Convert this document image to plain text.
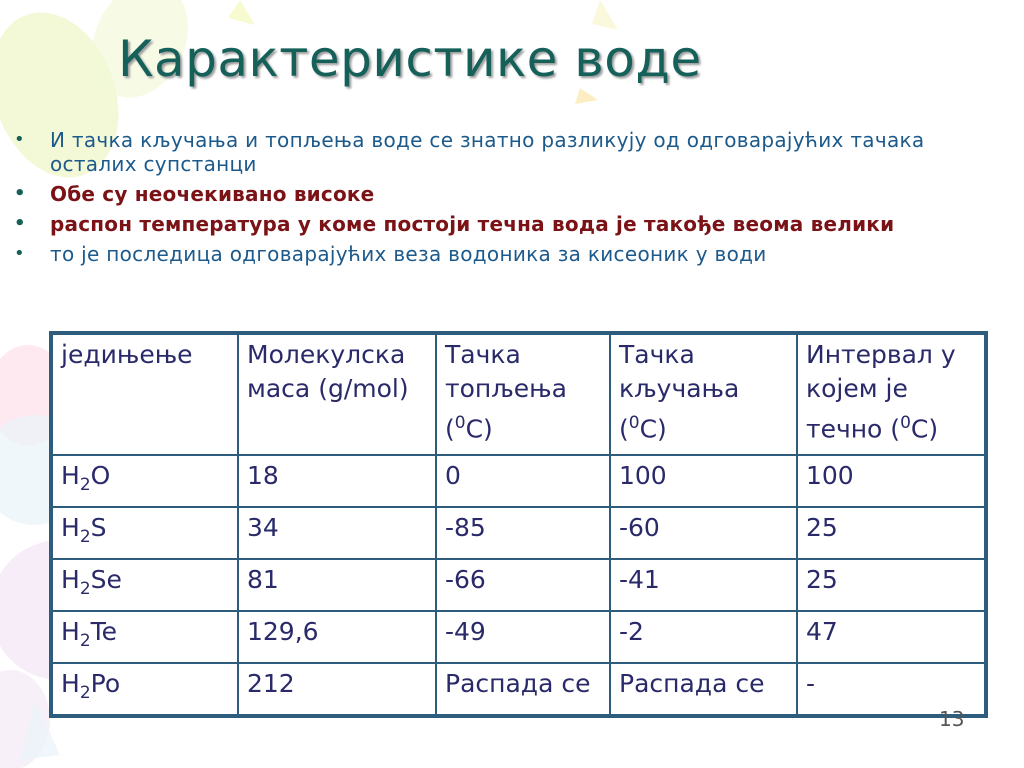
Карактеристике воде
• И тачка кључања и топљења воде се знатно разликују од одговарајућих тачака осталих супстанци
• Обе су неочекивано високе
• распон температура у коме постоји течна вода је такође веома велики
• то је последица одговарајућих веза водоника за кисеоник у води
једињење	Молекулска маса (g/mol)	Тачка топљења ($^0$C)	Тачка кључања ($^0$C)	Интервал у којем је течно ($^0$C)
$H_2O$	18	0	100	100
$H_2S$	34	-85	-60	25
$H_2Se$	81	-66	-41	25
$H_2Te$	129,6	-49	-2	47
$H_2Po$	212	Распада се	Распада се	-
13
